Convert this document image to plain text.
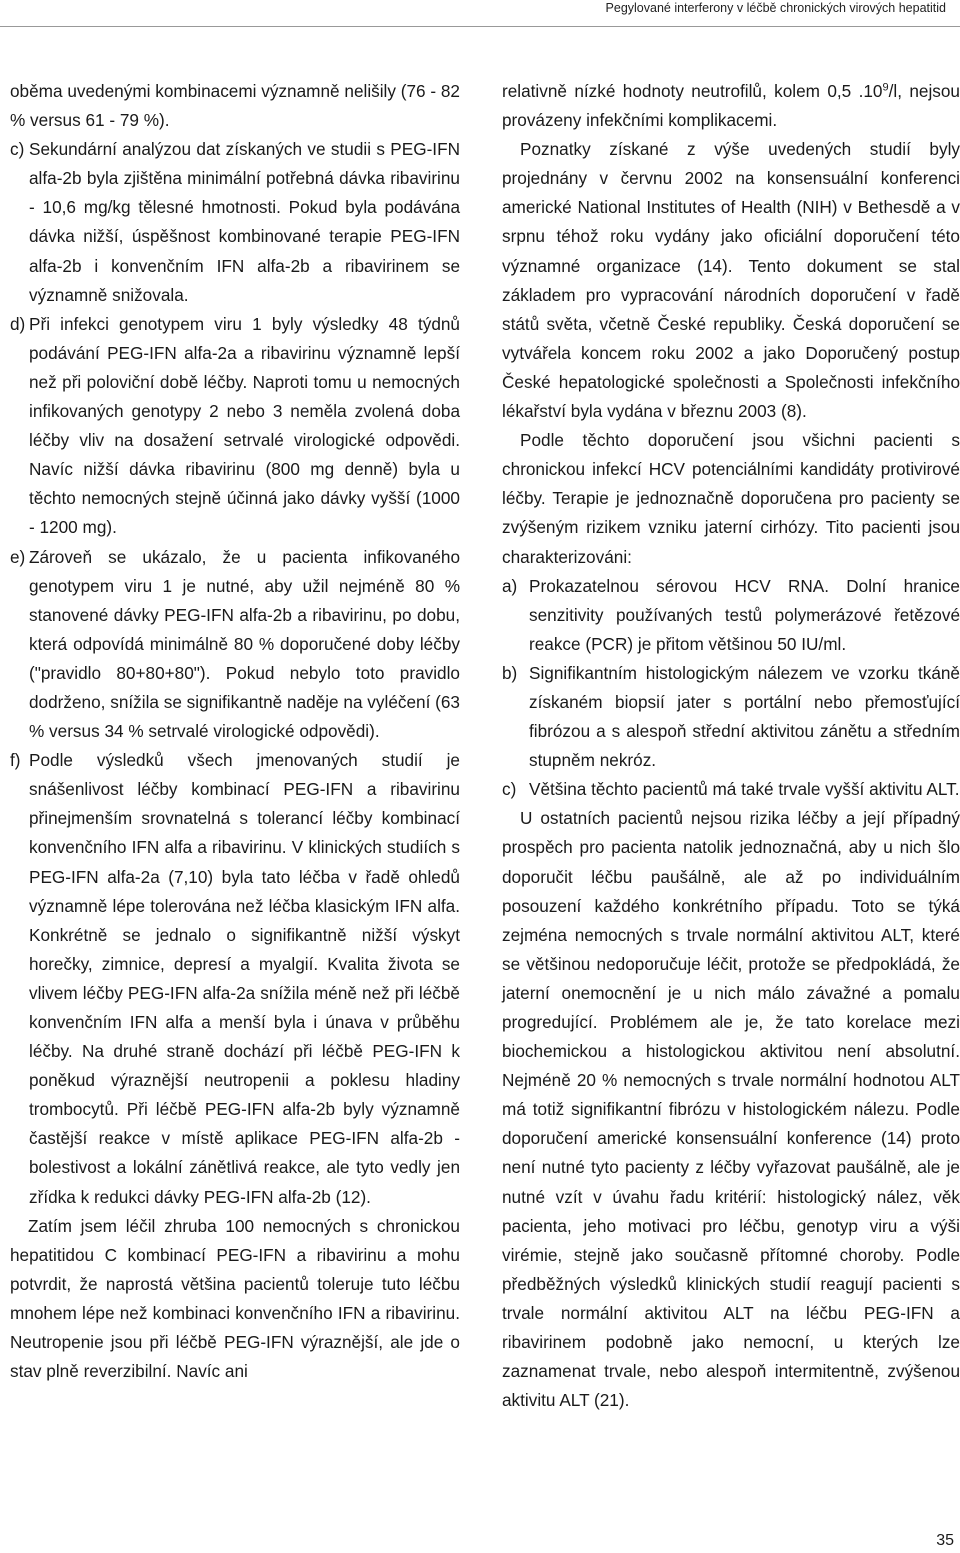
Pegylované interferony v léčbě chronických virových hepatitid

oběma uvedenými kombinacemi významně nelišily (76 - 82 % versus 61 - 79 %).

c) Sekundární analýzou dat získaných ve studii s PEG-IFN alfa-2b byla zjištěna minimální potřebná dávka ribavirinu - 10,6 mg/kg tělesné hmotnosti. Pokud byla podávána dávka nižší, úspěšnost kombinované terapie PEG-IFN alfa-2b i konvenčním IFN alfa-2b a ribavirinem se významně snižovala.
d) Při infekci genotypem viru 1 byly výsledky 48 týdnů podávání PEG-IFN alfa-2a a ribavirinu významně lepší než při poloviční době léčby. Naproti tomu u nemocných infikovaných genotypy 2 nebo 3 neměla zvolená doba léčby vliv na dosažení setrvalé virologické odpovědi. Navíc nižší dávka ribavirinu (800 mg denně) byla u těchto nemocných stejně účinná jako dávky vyšší (1000 - 1200 mg).
e) Zároveň se ukázalo, že u pacienta infikovaného genotypem viru 1 je nutné, aby užil nejméně 80 % stanovené dávky PEG-IFN alfa-2b a ribavirinu, po dobu, která odpovídá minimálně 80 % doporučené doby léčby ("pravidlo 80+80+80"). Pokud nebylo toto pravidlo dodrženo, snížila se signifikantně naděje na vyléčení (63 % versus 34 % setrvalé virologické odpovědi).
f) Podle výsledků všech jmenovaných studií je snášenlivost léčby kombinací PEG-IFN a ribavirinu přinejmenším srovnatelná s tolerancí léčby kombinací konvenčního IFN alfa a ribavirinu. V klinických studiích s PEG-IFN alfa-2a (7,10) byla tato léčba v řadě ohledů významně lépe tolerována než léčba klasickým IFN alfa. Konkrétně se jednalo o signifikantně nižší výskyt horečky, zimnice, depresí a myalgií. Kvalita života se vlivem léčby PEG-IFN alfa-2a snížila méně než při léčbě konvenčním IFN alfa a menší byla i únava v průběhu léčby. Na druhé straně dochází při léčbě PEG-IFN k poněkud výraznější neutropenii a poklesu hladiny trombocytů. Při léčbě PEG-IFN alfa-2b byly významně častější reakce v místě aplikace PEG-IFN alfa-2b - bolestivost a lokální zánětlivá reakce, ale tyto vedly jen zřídka k redukci dávky PEG-IFN alfa-2b (12).

Zatím jsem léčil zhruba 100 nemocných s chronickou hepatitidou C kombinací PEG-IFN a ribavirinu a mohu potvrdit, že naprostá většina pacientů toleruje tuto léčbu mnohem lépe než kombinaci konvenčního IFN a ribavirinu. Neutropenie jsou při léčbě PEG-IFN výraznější, ale jde o stav plně reverzibilní. Navíc ani

relativně nízké hodnoty neutrofilů, kolem 0,5 $.10^9/l$, nejsou provázeny infekčními komplikacemi.

Poznatky získané z výše uvedených studií byly projednány v červnu 2002 na konsensuální konferenci americké National Institutes of Health (NIH) v Bethesdě a v srpnu téhož roku vydány jako oficiální doporučení této významné organizace (14). Tento dokument se stal základem pro vypracování národních doporučení v řadě států světa, včetně České republiky. Česká doporučení se vytvářela koncem roku 2002 a jako Doporučený postup České hepatologické společnosti a Společnosti infekčního lékařství byla vydána v březnu 2003 (8).

Podle těchto doporučení jsou všichni pacienti s chronickou infekcí HCV potenciálními kandidáty protivirové léčby. Terapie je jednoznačně doporučena pro pacienty se zvýšeným rizikem vzniku jaterní cirhózy. Tito pacienti jsou charakterizováni:

a) Prokazatelnou sérovou HCV RNA. Dolní hranice senzitivity používaných testů polymerázové řetězové reakce (PCR) je přitom většinou 50 IU/ml.
b) Signifikantním histologickým nálezem ve vzorku tkáně získaném biopsií jater s portální nebo přemosťující fibrózou a s alespoň střední aktivitou zánětu a středním stupněm nekróz.
c) Většina těchto pacientů má také trvale vyšší aktivitu ALT.

U ostatních pacientů nejsou rizika léčby a její případný prospěch pro pacienta natolik jednoznačná, aby u nich šlo doporučit léčbu paušálně, ale až po individuálním posouzení každého konkrétního případu. Toto se týká zejména nemocných s trvale normální aktivitou ALT, které se většinou nedoporučuje léčit, protože se předpokládá, že jaterní onemocnění je u nich málo závažné a pomalu progredující. Problémem ale je, že tato korelace mezi biochemickou a histologickou aktivitou není absolutní. Nejméně 20 % nemocných s trvale normální hodnotou ALT má totiž signifikantní fibrózu v histologickém nálezu. Podle doporučení americké konsensuální konference (14) proto není nutné tyto pacienty z léčby vyřazovat paušálně, ale je nutné vzít v úvahu řadu kritérií: histologický nález, věk pacienta, jeho motivaci pro léčbu, genotyp viru a výši virémie, stejně jako současně přítomné choroby. Podle předběžných výsledků klinických studií reagují pacienti s trvale normální aktivitou ALT na léčbu PEG-IFN a ribavirinem podobně jako nemocní, u kterých lze zaznamenat trvale, nebo alespoň intermitentně, zvýšenou aktivitu ALT (21).

35
